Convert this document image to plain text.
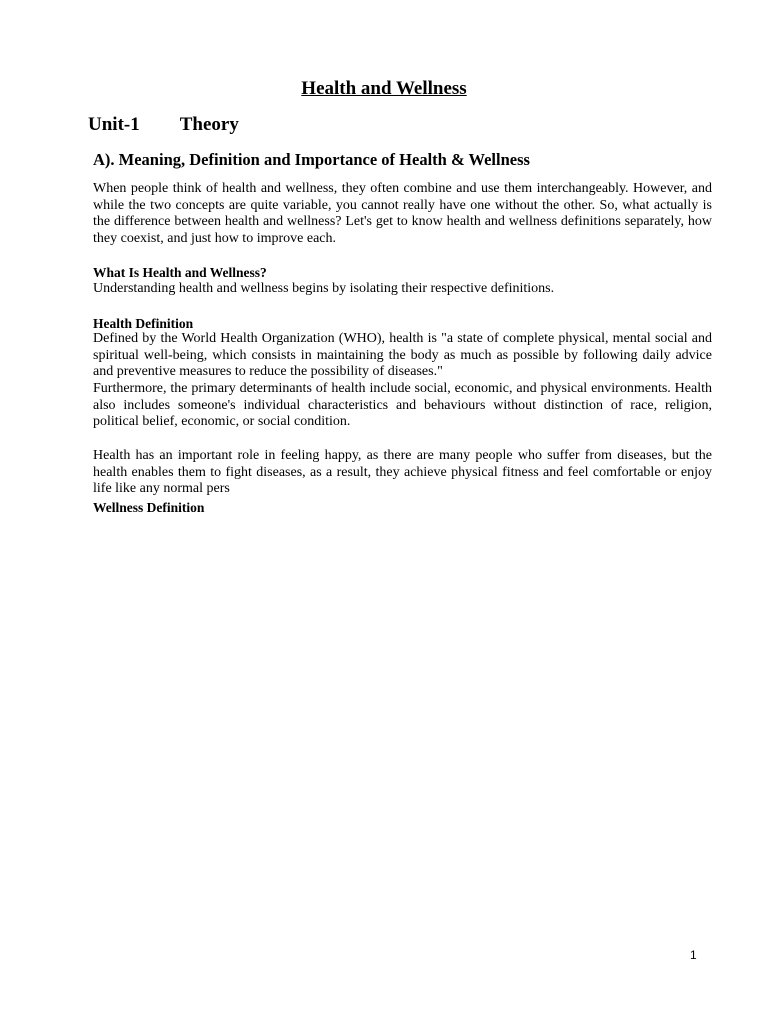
Health and Wellness
Unit-1 Theory
A). Meaning, Definition and Importance of Health & Wellness

When people think of health and wellness, they often combine and use them interchangeably. However, and while the two concepts are quite variable, you cannot really have one without the other. So, what actually is the difference between health and wellness? Let's get to know health and wellness definitions separately, how they coexist, and just how to improve each.

What Is Health and Wellness?

Understanding health and wellness begins by isolating their respective definitions.

Health Definition

Defined by the World Health Organization (WHO), health is "a state of complete physical, mental social and spiritual well-being, which consists in maintaining the body as much as possible by following daily advice and preventive measures to reduce the possibility of diseases."

Furthermore, the primary determinants of health include social, economic, and physical environments. Health also includes someone's individual characteristics and behaviours without distinction of race, religion, political belief, economic, or social condition.

Health has an important role in feeling happy, as there are many people who suffer from diseases, but the health enables them to fight diseases, as a result, they achieve physical fitness and feel comfortable or enjoy life like any normal pers

Wellness Definition

1
